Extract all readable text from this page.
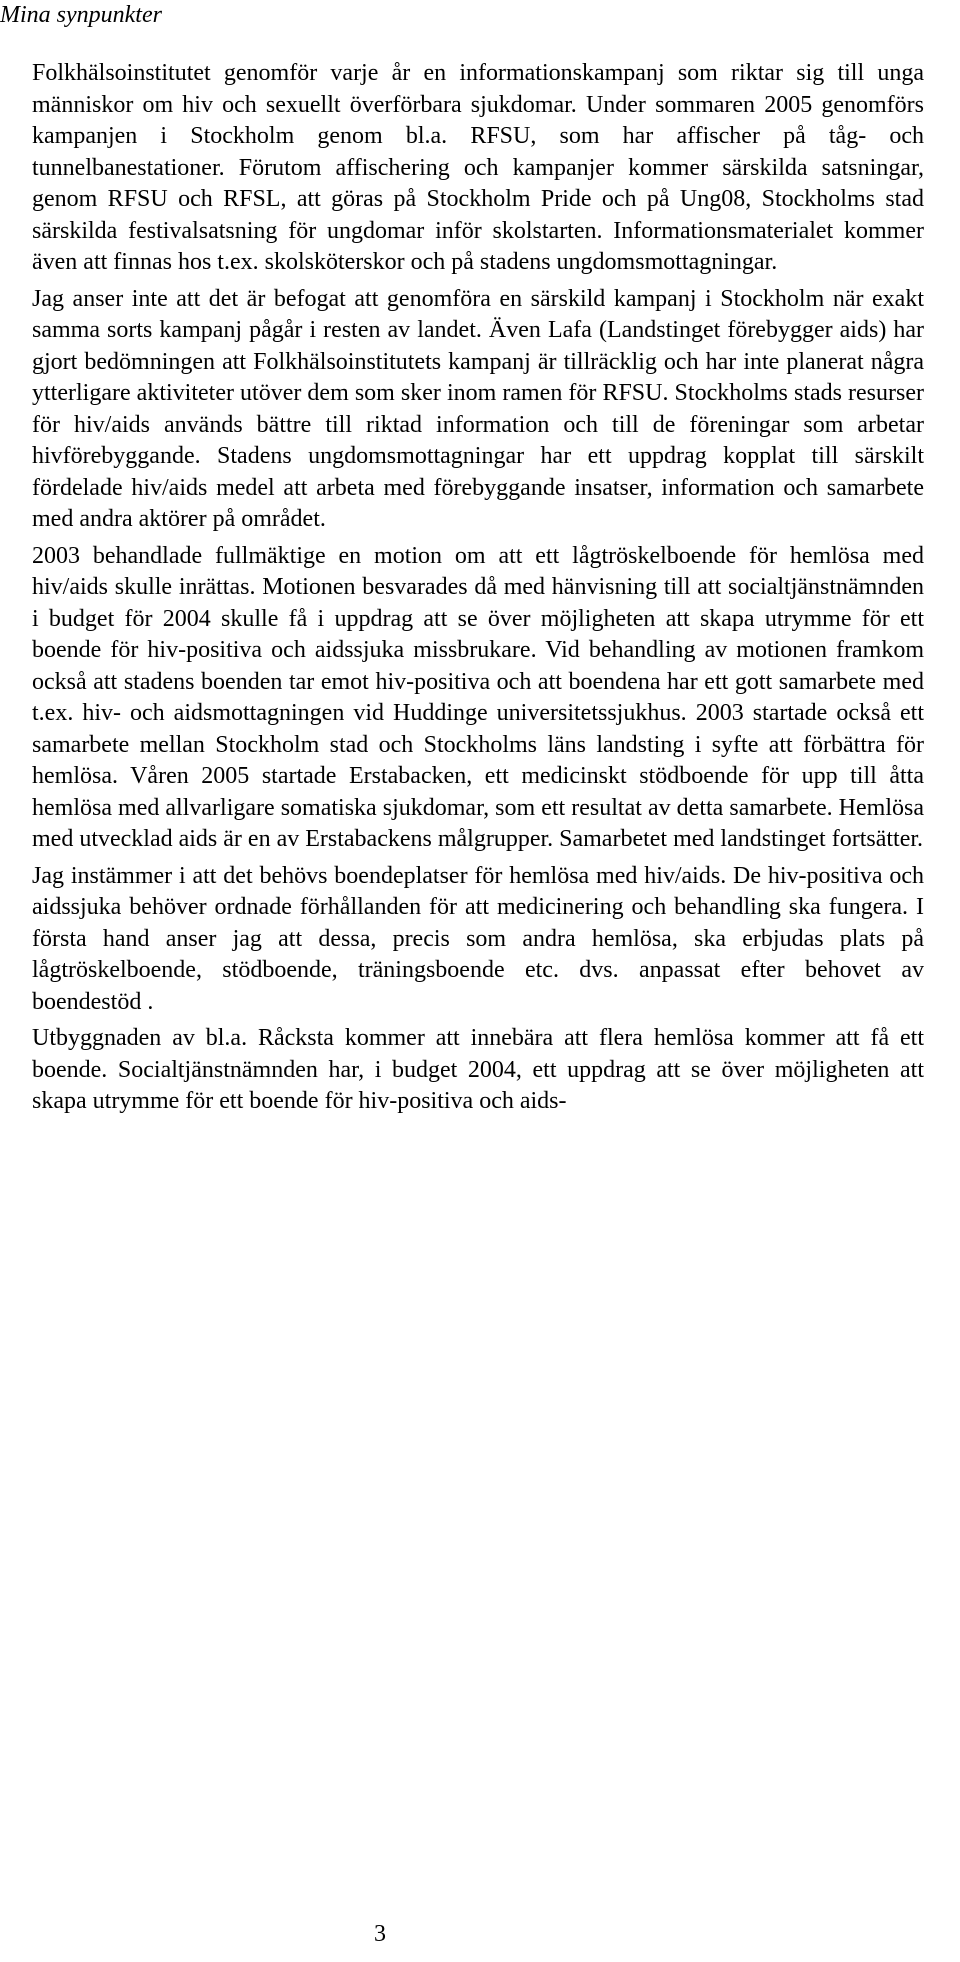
Mina synpunkter

Folkhälsoinstitutet genomför varje år en informationskampanj som riktar sig till unga människor om hiv och sexuellt överförbara sjukdomar. Under sommaren 2005 genomförs kampanjen i Stockholm genom bl.a. RFSU, som har affischer på tåg- och tunnelbanestationer. Förutom affischering och kampanjer kommer särskilda satsningar, genom RFSU och RFSL, att göras på Stockholm Pride och på Ung08, Stockholms stad särskilda festivalsatsning för ungdomar inför skolstarten. Informationsmaterialet kommer även att finnas hos t.ex. skolsköterskor och på stadens ungdomsmottagningar.

Jag anser inte att det är befogat att genomföra en särskild kampanj i Stockholm när exakt samma sorts kampanj pågår i resten av landet. Även Lafa (Landstinget förebygger aids) har gjort bedömningen att Folkhälsoinstitutets kampanj är tillräcklig och har inte planerat några ytterligare aktiviteter utöver dem som sker inom ramen för RFSU. Stockholms stads resurser för hiv/aids används bättre till riktad information och till de föreningar som arbetar hivförebyggande. Stadens ungdomsmottagningar har ett uppdrag kopplat till särskilt fördelade hiv/aids medel att arbeta med förebyggande insatser, information och samarbete med andra aktörer på området.

2003 behandlade fullmäktige en motion om att ett lågtröskelboende för hemlösa med hiv/aids skulle inrättas. Motionen besvarades då med hänvisning till att socialtjänstnämnden i budget för 2004 skulle få i uppdrag att se över möjligheten att skapa utrymme för ett boende för hiv-positiva och aidssjuka missbrukare. Vid behandling av motionen framkom också att stadens boenden tar emot hiv-positiva och att boendena har ett gott samarbete med t.ex. hiv- och aidsmottagningen vid Huddinge universitetssjukhus. 2003 startade också ett samarbete mellan Stockholm stad och Stockholms läns landsting i syfte att förbättra för hemlösa. Våren 2005 startade Erstabacken, ett medicinskt stödboende för upp till åtta hemlösa med allvarligare somatiska sjukdomar, som ett resultat av detta samarbete. Hemlösa med utvecklad aids är en av Erstabackens målgrupper. Samarbetet med landstinget fortsätter.

Jag instämmer i att det behövs boendeplatser för hemlösa med hiv/aids. De hiv-positiva och aidssjuka behöver ordnade förhållanden för att medicinering och behandling ska fungera. I första hand anser jag att dessa, precis som andra hemlösa, ska erbjudas plats på lågtröskelboende, stödboende, träningsboende etc. dvs. anpassat efter behovet av boendestöd .

Utbyggnaden av bl.a. Råcksta kommer att innebära att flera hemlösa kommer att få ett boende. Socialtjänstnämnden har, i budget 2004, ett uppdrag att se över möjligheten att skapa utrymme för ett boende för hiv-positiva och aids-

3
